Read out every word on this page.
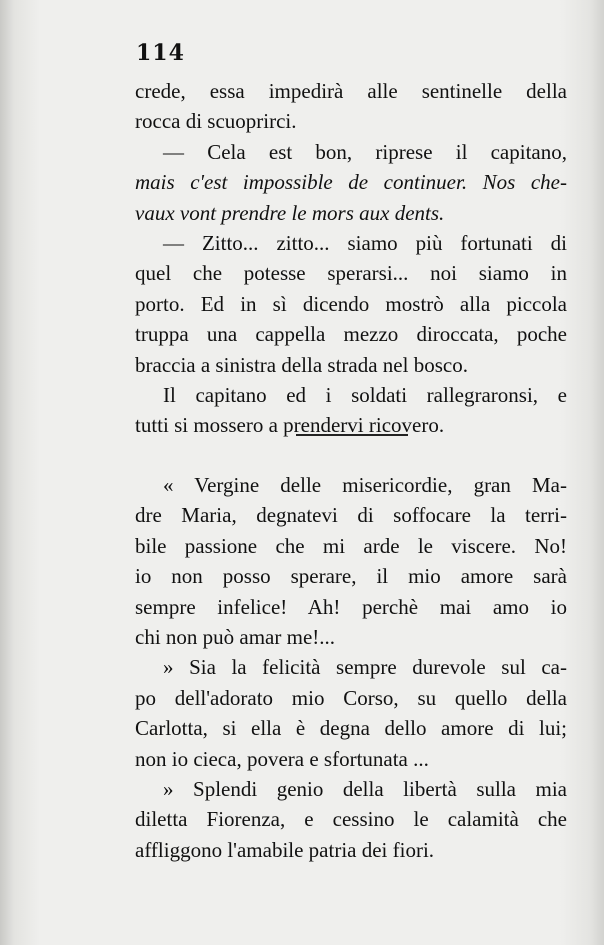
114
crede, essa impedirà alle sentinelle della
rocca di scuoprirci.
— Cela est bon, riprese il capitano,
mais c'est impossible de continuer. Nos che-
vaux vont prendre le mors aux dents.
— Zitto... zitto... siamo più fortunati di
quel che potesse sperarsi... noi siamo in
porto. Ed in sì dicendo mostrò alla piccola
truppa una cappella mezzo diroccata, poche
braccia a sinistra della strada nel bosco.
Il capitano ed i soldati rallegraronsi, e
tutti si mossero a prendervi ricovero.
« Vergine delle misericordie, gran Ma-
dre Maria, degnatevi di soffocare la terri-
bile passione che mi arde le viscere. No!
io non posso sperare, il mio amore sarà
sempre infelice! Ah! perchè mai amo io
chi non può amar me!...
» Sia la felicità sempre durevole sul ca-
po dell'adorato mio Corso, su quello della
Carlotta, si ella è degna dello amore di lui;
non io cieca, povera e sfortunata ...
» Splendi genio della libertà sulla mia
diletta Fiorenza, e cessino le calamità che
affliggono l'amabile patria dei fiori.
